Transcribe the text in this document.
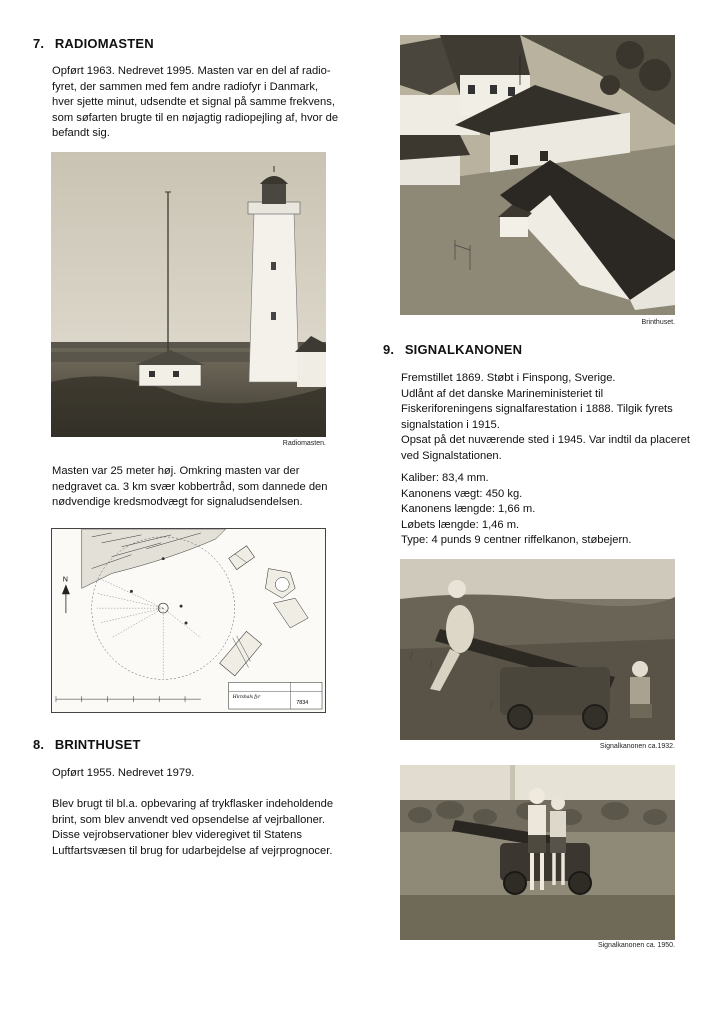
7. RADIOMASTEN

Opført 1963. Nedrevet 1995. Masten var en del af radio-fyret, der sammen med fem andre radiofyr i Danmark, hver sjette minut, udsendte et signal på samme frekvens, som søfarten brugte til en nøjagtig radiopejling af, hvor de befandt sig.

Radiomasten.

Masten var 25 meter høj. Omkring masten var der nedgravet ca. 3 km svær kobbertråd, som dannede den nødvendige kredsmodvægt for signaludsendelsen.

N
Hirtshals fyr
7834
8. BRINTHUSET

Opført 1955. Nedrevet 1979.

Blev brugt til bl.a. opbevaring af trykflasker indeholdende brint, som blev anvendt ved opsendelse af vejrballoner. Disse vejrobservationer blev videregivet til Statens Luftfartsvæsen til brug for udarbejdelse af vejrprognocer.

Brinthuset.
9. SIGNALKANONEN

Fremstillet 1869. Støbt i Finspong, Sverige.

Udlånt af det danske Marineministeriet til Fiskeriforeningens signalfarestation i 1888. Tilgik fyrets signalstation i 1915.

Opsat på det nuværende sted i 1945. Var indtil da placeret ved Signalstationen.

Kaliber: 83,4 mm.

Kanonens vægt: 450 kg.

Kanonens længde: 1,66 m.

Løbets længde: 1,46 m.

Type: 4 punds 9 centner riffelkanon, støbejern.

Signalkanonen ca.1932.
Signalkanonen ca. 1950.
